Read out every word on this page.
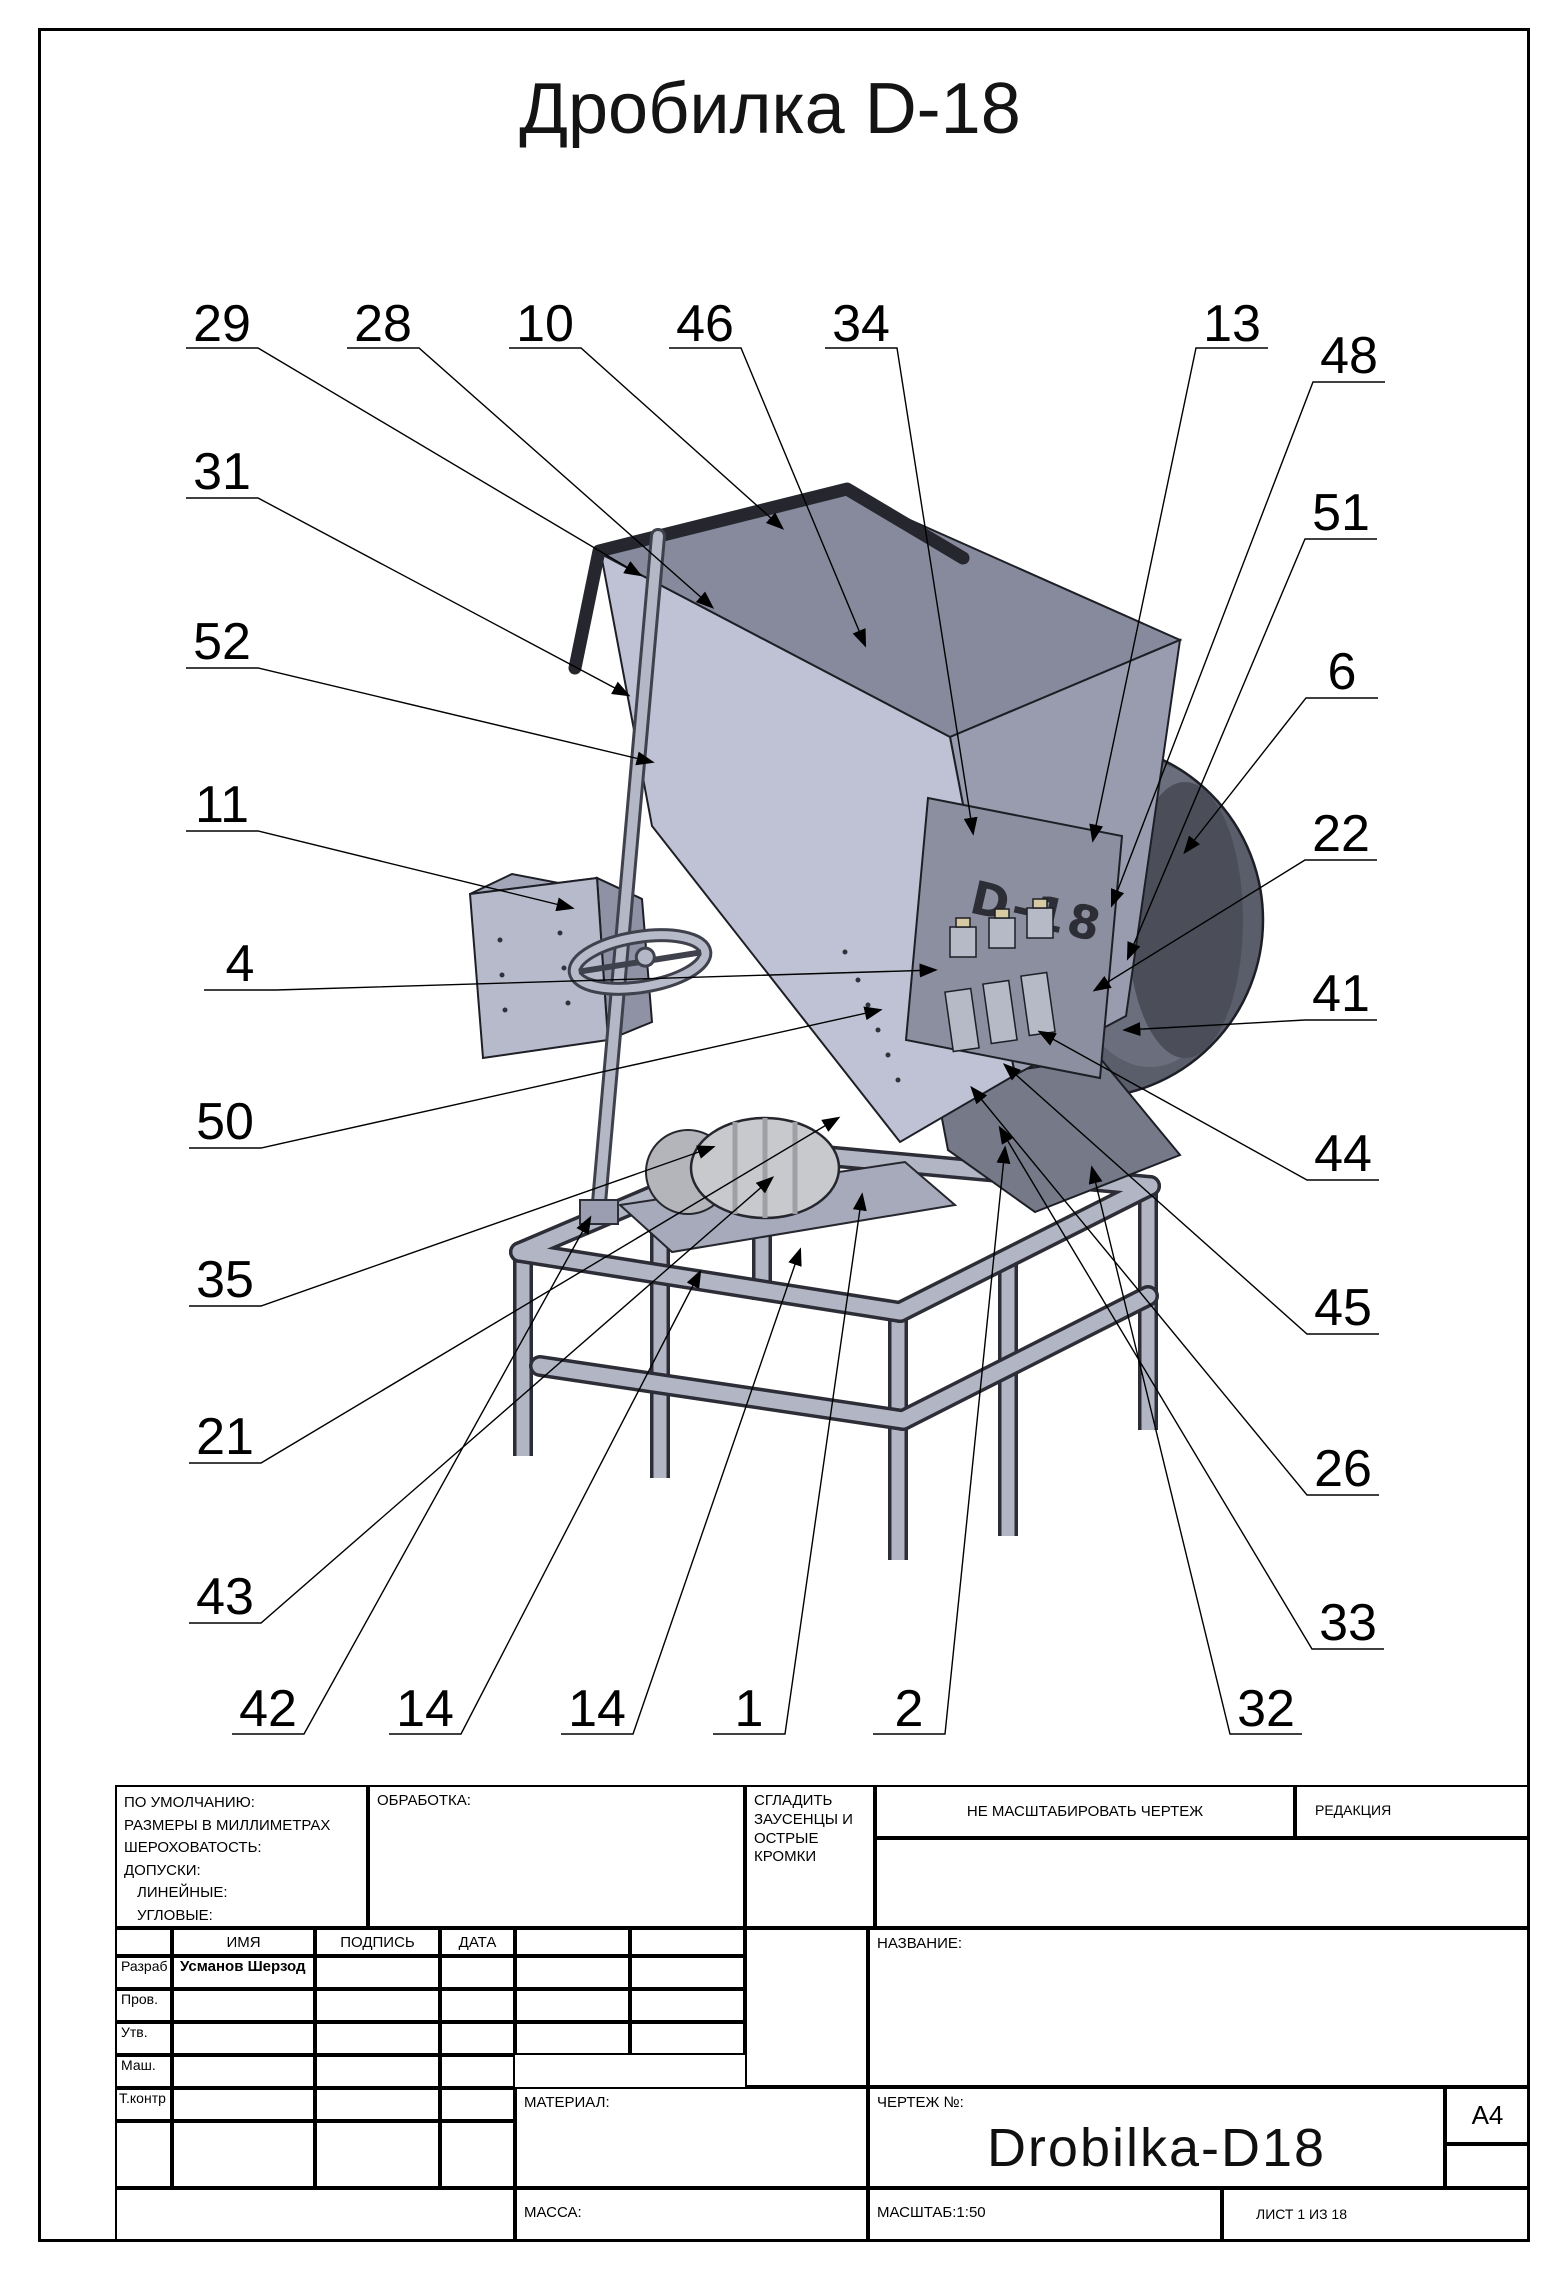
Дробилка D-18
29 28 10 46 34	13
48
51
6
22
41
44
45
26
33
31
52
11
4
50
35
21
43
42 14 14 1	2	32
ПО УМОЛЧАНИЮ:
РАЗМЕРЫ В МИЛЛИМЕТРАХ
ШЕРОХОВАТОСТЬ:
ДОПУСКИ:
ЛИНЕЙНЫЕ:
УГЛОВЫЕ:
ОБРАБОТКА:	СГЛАДИТЬ ЗАУСЕНЦЫ И ОСТРЫЕ КРОМКИ
НЕ МАСШТАБИРОВАТЬ ЧЕРТЕЖ	РЕДАКЦИЯ
ИМЯ	ПОДПИСЬ	ДАТА
Разраб Усманов Шерзод
Пров.
Утв.
Маш.
Т.контр
НАЗВАНИЕ:
МАТЕРИАЛ:	ЧЕРТЕЖ №:
Drobilka-D18
A4
МАССА:	МАСШТАБ:1:50	ЛИСТ 1 ИЗ 18
